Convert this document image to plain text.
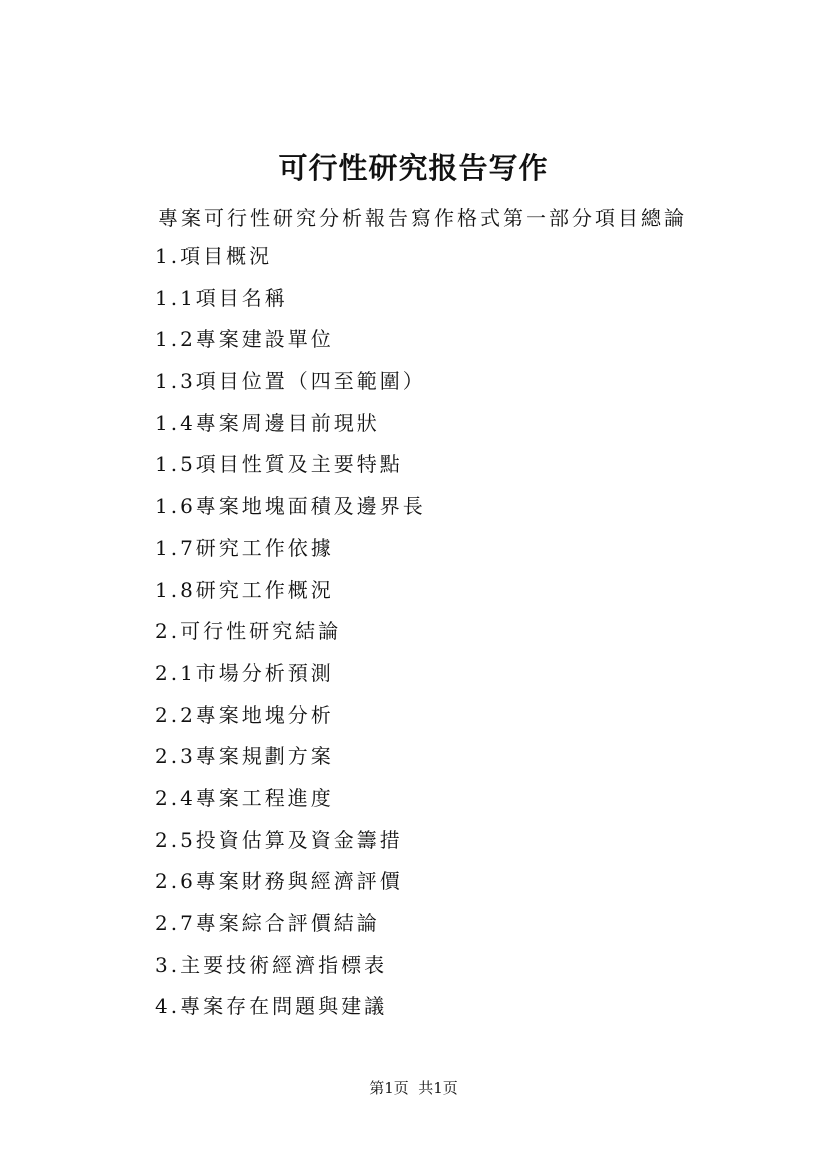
可行性研究报告写作
專案可行性研究分析報告寫作格式第一部分項目總論
1.項目概況
1.1項目名稱
1.2專案建設單位
1.3項目位置（四至範圍）
1.4專案周邊目前現狀
1.5項目性質及主要特點
1.6專案地塊面積及邊界長
1.7研究工作依據
1.8研究工作概況
2.可行性研究結論
2.1市場分析預測
2.2專案地塊分析
2.3專案規劃方案
2.4專案工程進度
2.5投資估算及資金籌措
2.6專案財務與經濟評價
2.7專案綜合評價結論
3.主要技術經濟指標表
4.專案存在問題與建議
第1页  共1页
